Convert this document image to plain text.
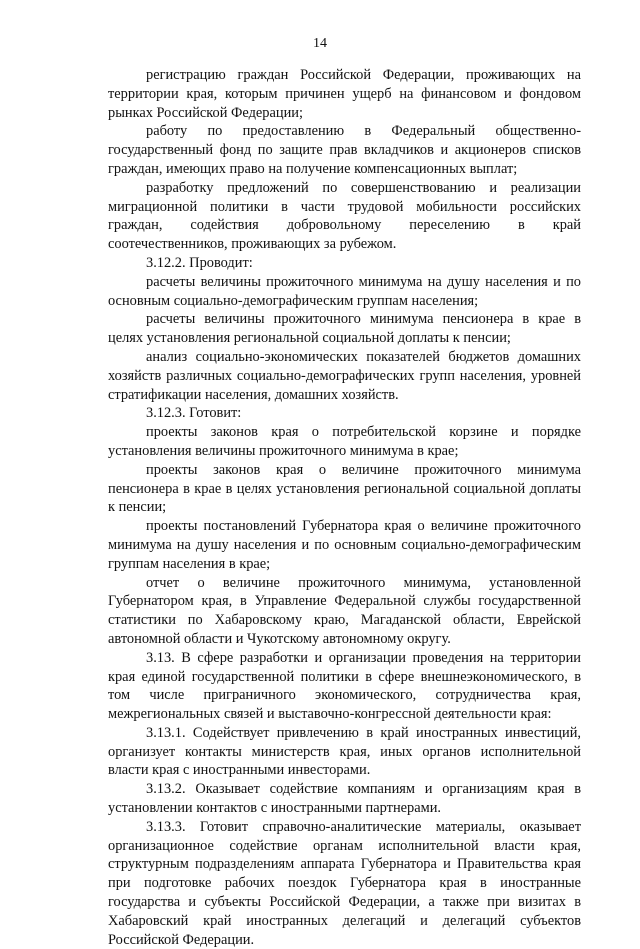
14

регистрацию граждан Российской Федерации, проживающих на территории края, которым причинен ущерб на финансовом и фондовом рынках Российской Федерации;

работу по предоставлению в Федеральный общественно-государственный фонд по защите прав вкладчиков и акционеров списков граждан, имеющих право на получение компенсационных выплат;

разработку предложений по совершенствованию и реализации миграционной политики в части трудовой мобильности российских граждан, содействия добровольному переселению в край соотечественников, проживающих за рубежом.

3.12.2. Проводит:

расчеты величины прожиточного минимума на душу населения и по основным социально-демографическим группам населения;

расчеты величины прожиточного минимума пенсионера в крае в целях установления региональной социальной доплаты к пенсии;

анализ социально-экономических показателей бюджетов домашних хозяйств различных социально-демографических групп населения, уровней стратификации населения, домашних хозяйств.

3.12.3. Готовит:

проекты законов края о потребительской корзине и порядке установления величины прожиточного минимума в крае;

проекты законов края о величине прожиточного минимума пенсионера в крае в целях установления региональной социальной доплаты к пенсии;

проекты постановлений Губернатора края о величине прожиточного минимума на душу населения и по основным социально-демографическим группам населения в крае;

отчет о величине прожиточного минимума, установленной Губернатором края, в Управление Федеральной службы государственной статистики по Хабаровскому краю, Магаданской области, Еврейской автономной области и Чукотскому автономному округу.

3.13. В сфере разработки и организации проведения на территории края единой государственной политики в сфере внешнеэкономического, в том числе приграничного экономического, сотрудничества края, межрегиональных связей и выставочно-конгрессной деятельности края:

3.13.1. Содействует привлечению в край иностранных инвестиций, организует контакты министерств края, иных органов исполнительной власти края с иностранными инвесторами.

3.13.2. Оказывает содействие компаниям и организациям края в установлении контактов с иностранными партнерами.

3.13.3. Готовит справочно-аналитические материалы, оказывает организационное содействие органам исполнительной власти края, структурным подразделениям аппарата Губернатора и Правительства края при подготовке рабочих поездок Губернатора края в иностранные государства и субъекты Российской Федерации, а также при визитах в Хабаровский край иностранных делегаций и делегаций субъектов Российской Федерации.
